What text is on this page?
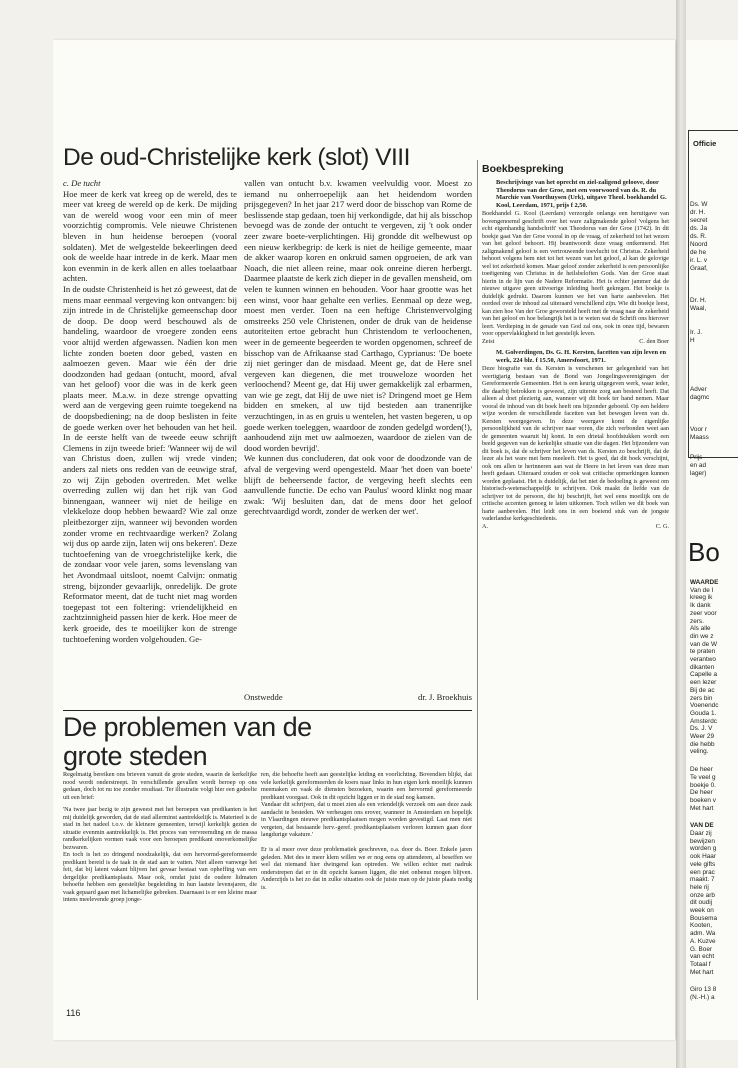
De oud-Christelijke kerk (slot) VIII
c. De tucht
Hoe meer de kerk vat kreeg op de wereld, des te meer vat kreeg de wereld op de kerk. De mijding van de wereld woog voor een min of meer voorzichtig compromis. Vele nieuwe Christenen bleven in hun heidense beroepen (vooral soldaten). Met de welgestelde bekeerlingen deed ook de weelde haar intrede in de kerk. Maar men kon evenmin in de kerk allen en alles toelaatbaar achten.
In de oudste Christenheid is het zó geweest, dat de mens maar eenmaal vergeving kon ontvangen: bij zijn intrede in de Christelijke gemeenschap door de doop. De doop werd beschouwd als de handeling, waardoor de vroegere zonden eens voor altijd werden afgewassen. Nadien kon men lichte zonden boeten door gebed, vasten en aalmoezen geven. Maar wie één der drie doodzonden had gedaan (ontucht, moord, afval van het geloof) voor die was in de kerk geen plaats meer. M.a.w. in deze strenge opvatting werd aan de vergeving geen ruimte toegekend na de doopsbediening; na de doop beslisten in feite de goede werken over het behouden van het heil. In de eerste helft van de tweede eeuw schrijft Clemens in zijn tweede brief: 'Wanneer wij de wil van Christus doen, zullen wij vrede vinden; anders zal niets ons redden van de eeuwige straf, zo wij Zijn geboden overtreden. Met welke overreding zullen wij dan het rijk van God binnengaan, wanneer wij niet de heilige en vlekkeloze doop hebben bewaard? Wie zal onze pleitbezorger zijn, wanneer wij bevonden worden zonder vrome en rechtvaardige werken? Zolang wij dus op aarde zijn, laten wij ons bekeren'. Deze tuchtoefening van de vroegchristelijke kerk, die de zondaar voor vele jaren, soms levenslang van het Avondmaal uitsloot, noemt Calvijn: onmatig streng, bijzonder gevaarlijk, onredelijk. De grote Reformator meent, dat de tucht niet mag worden toegepast tot een foltering: vriendelijkheid en zachtzinnigheid passen hier de kerk. Hoe meer de kerk groeide, des te moeilijker kon de strenge tuchtoefening worden volgehouden. Ge-
vallen van ontucht b.v. kwamen veelvuldig voor. Moest zo iemand nu onherroepelijk aan het heidendom worden prijsgegeven? In het jaar 217 werd door de bisschop van Rome de beslissende stap gedaan, toen hij verkondigde, dat hij als bisschop bevoegd was de zonde der ontucht te vergeven, zij 't ook onder zeer zware boete-verplichtingen. Hij grondde dit welbewust op een nieuw kerkbegrip: de kerk is niet de heilige gemeente, maar de akker waarop koren en onkruid samen opgroeien, de ark van Noach, die niet alleen reine, maar ook onreine dieren herbergt. Daarmee plaatste de kerk zich dieper in de gevallen mensheid, om velen te kunnen winnen en behouden. Voor haar grootte was het een winst, voor haar gehalte een verlies. Eenmaal op deze weg, moest men verder. Toen na een heftige Christenvervolging omstreeks 250 vele Christenen, onder de druk van de heidense autoriteiten ertoe gebracht hun Christendom te verloochenen, weer in de gemeente begeerden te worden opgenomen, schreef de bisschop van de Afrikaanse stad Carthago, Cyprianus: 'De boete zij niet geringer dan de misdaad. Meent ge, dat de Here snel vergeven kan diegenen, die met trouweloze woorden het verloochend? Meent ge, dat Hij uwer gemakkelijk zal erbarmen, van wie ge zegt, dat Hij de uwe niet is? Dringend moet ge Hem bidden en smeken, al uw tijd besteden aan tranenrijke verzuchtingen, in as en gruis u wentelen, het vasten begeren, u op goede werken toeleggen, waardoor de zonden gedelgd worden(!), aanhoudend zijn met uw aalmoezen, waardoor de zielen van de dood worden bevrijd'.
We kunnen dus concluderen, dat ook voor de doodzonde van de afval de vergeving werd opengesteld. Maar 'het doen van boete' blijft de beheersende factor, de vergeving heeft slechts een aanvullende functie. De echo van Paulus' woord klinkt nog maar zwak: 'Wij besluiten dan, dat de mens door het geloof gerechtvaardigd wordt, zonder de werken der wet'.
Onstwedde	dr. J. Broekhuis
De problemen van de
grote steden
Regelmatig bereiken ons brieven vanuit de grote steden, waarin de kerkelijke nood wordt onderstreept. In verschillende gevallen wordt beroep op ons gedaan, doch tot nu toe zonder resultaat. Ter illustratie volgt hier een gedeelte uit een brief:
'Na twee jaar bezig te zijn geweest met het beroepen van predikanten is het mij duidelijk geworden, dat de stad allerminst aantrekkelijk is. Materieel is de stad in het nadeel t.o.v. de kleinere gemeenten, terwijl kerkelijk gezien de situatie evenmin aantrekkelijk is. Het proces van vervreemding en de massa randkerkelijken vormen vaak voor een beroepen predikant onoverkomelijke bezwaren.
En toch is het zo dringend noodzakelijk, dat een hervormd-gereformeerde predikant bereid is de taak in de stad aan te vatten. Niet alleen vanwege het feit, dat bij latent vakant blijven het gevaar bestaat van opheffing van een dergelijke predikantsplaats. Maar ook, omdat juist de oudere lidmaten behoefte hebben een geestelijke begeleiding in hun laatste levensjaren, die vaak gepaard gaan met lichamelijke gebreken. Daarnaast is er een kleine maar intens meelevende groep jonge-
ren, die behoefte heeft aan geestelijke leiding en voorlichting. Bovendien blijkt, dat vele kerkelijk gereformeerden de koers naar links in hun eigen kerk moeilijk kunnen meemaken en vaak de diensten bezoeken, waarin een hervormd gereformeerde predikant voorgaat. Ook in dit opzicht liggen er in de stad nog kansen.
Vandaar dit schrijven, dat u moet zien als een vriendelijk verzoek om aan deze zaak aandacht te besteden. We verheugen ons erover, wanneer in Amsterdam en hopelijk in Vlaardingen nieuwe predikantsplaatsen mogen worden gevestigd. Laat men niet vergeten, dat bestaande herv.-geref. predikantsplaatsen verloren kunnen gaan door langdurige vakature.'

Er is al meer over deze problematiek geschreven, o.a. door ds. Boer. Enkele jaren geleden. Met des te meer klem willen we er nog eens op attenderen, al beseffen we wel dat niemand hier dwingend kan optreden. We willen echter met nadruk onderstrepen dat er in dit opzicht kansen liggen, die niet onbenut mogen blijven. Anderzijds is het zo dat in zulke situaties ook de juiste man op de juiste plaats nodig is.
116
Boekbespreking
Beschrijvinge van het oprecht en ziel-zaligend geloove, door Theodorus van der Groe, met een voorwoord van ds. R. du Marchie van Voorthuysen (Urk), uitgave Theol. boekhandel G. Kool, Leerdam, 1971, prijs f 2,50.
Boekhandel G. Kool (Leerdam) verzorgde onlangs een heruitgave van bovengenoemd geschrift over het ware zaligmakende geloof 'volgens het echt eigenhandig handschrift' van Theodorus van der Groe (1742). In dit boekje gaat Van der Groe vooral in op de vraag, of zekerheid tot het wezen van het geloof behoort. Hij beantwoordt deze vraag ontkennend. Het zaligmakend geloof is een vertrouwende toevlucht tot Christus. Zekerheid behoort volgens hem niet tot het wezen van het geloof, al kan de gelovige wel tot zekerheid komen. Maar geloof zonder zekerheid is een persoonlijke toeëigening van Christus in de heilsbeloften Gods. Van der Groe staat hierin in de lijn van de Nadere Reformatie. Het is echter jammer dat de nieuwe uitgave geen uitvoerige inleiding heeft gekregen. Het boekje is duidelijk gedrukt. Daarom kunnen we het van harte aanbevelen. Het oordeel over de inhoud zal uiteraard verschillend zijn. Wie dit boekje leest, kan zien hoe Van der Groe geworsteld heeft met de vraag naar de zekerheid van het geloof en hoe belangrijk het is te weten wat de Schrift ons hierover leert. Verdieping in de genade van God zal ons, ook in onze tijd, bewaren voor oppervlakkigheid in het geestelijk leven.
Zeist	C. den Boer
M. Golverdingen, Ds. G. H. Kersten, facetten van zijn leven en werk, 224 blz. f 15.50, Amersfoort, 1971.
Deze biografie van ds. Kersten is verschenen ter gelegenheid van het veertigjarig bestaan van de Bond van Jongelingsverenigingen der Gereformeerde Gemeenten. Het is een keurig uitgegeven werk, waar ieder, die daarbij betrokken is geweest, zijn uiterste zorg aan besteed heeft. Dat alleen al doet plezierig aan, wanneer wij dit boek ter hand nemen. Maar vooral de inhoud van dit boek heeft ons bijzonder geboeid. Op een heldere wijze worden de verschillende facetten van het bewogen leven van ds. Kersten weergegeven. In deze weergave komt de eigenlijke persoonlijkheid van de schrijver naar voren, die zich verbonden weet aan de gemeenten waaruit hij komt. In een drietal hoofdstukken wordt een beeld gegeven van de kerkelijke situatie van die dagen. Het bijzondere van dit boek is, dat de schrijver het leven van ds. Kersten zo beschrijft, dat de lezer als het ware met hem meeleeft. Het is goed, dat dit boek verschijnt, ook om allen te herinneren aan wat de Heere in het leven van deze man heeft gedaan. Uiteraard zouden er ook wat critische opmerkingen kunnen worden geplaatst. Het is duidelijk, dat het niet de bedoeling is geweest om historisch-wetenschappelijk te schrijven. Ook maakt de liefde van de schrijver tot de persoon, die hij beschrijft, het wel eens moeilijk om de critische accenten genoeg te laten uitkomen. Toch willen we dit boek van harte aanbevelen. Het leidt ons in een boeiend stuk van de jongste vaderlandse kerkgeschiedenis.
A.	C. G.
Officie
Ds. W
dr. H.
secret
ds. Ja
ds. R.
Noord
de he
ir. L. v
Graaf,
Dr. H.
Waal,
Ir. J.
H
Adver
dagmc
Voor r
Maass
Prijs
en ad
lager)
Bo
WAARDE
Van de I
kreeg ik
Ik dank
zeer voor
zers.
Als alle
din we z
van de W
te praten
verantwo
dikanten
Capelle a
een lezer
Bij de ac
zers bin
Voenendc
Gouda 1.
Amsterdc
Ds. J. V
Weer 29
die hebb
veling.
De heer
Te veel g
boekje 0.
De heer
boeken v
Met hart
VAN DE
Daar zij
bewijzen
worden g
ook Haar
vele gifts
een prac
maakt. 7
hele rij
onze arb
dit oudij
week on
Bousema
Kooten,
adm. Wa
A. Kuzve
G. Boer
van echt
Totaal f
Met hart
Giro 13 8
(N.-H.) a
